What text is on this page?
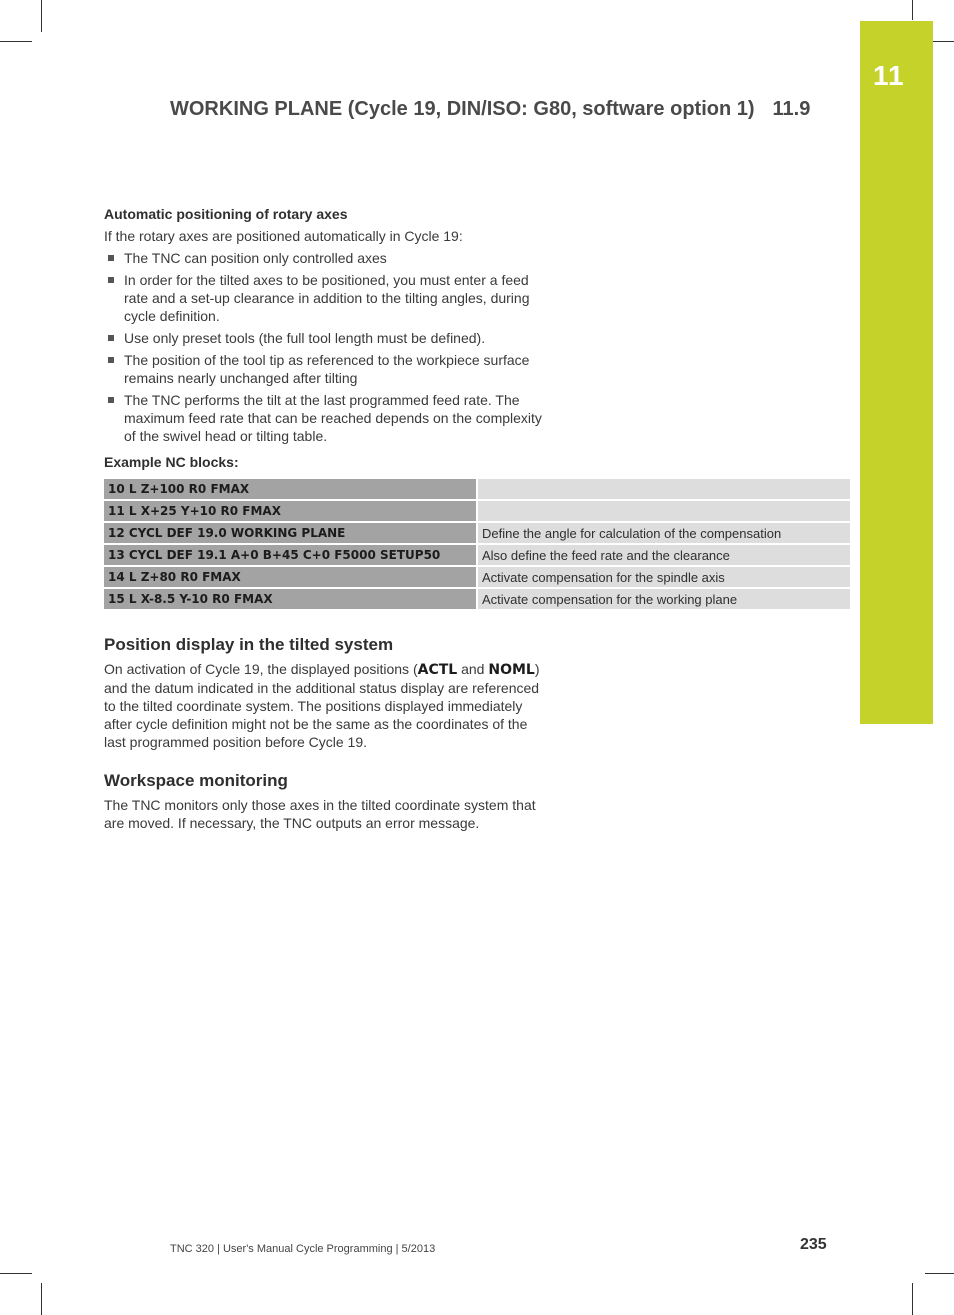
11
WORKING PLANE (Cycle 19, DIN/ISO: G80, software option 1) 11.9
Automatic positioning of rotary axes

If the rotary axes are positioned automatically in Cycle 19:

The TNC can position only controlled axes
In order for the tilted axes to be positioned, you must enter a feed rate and a set-up clearance in addition to the tilting angles, during cycle definition.
Use only preset tools (the full tool length must be defined).
The position of the tool tip as referenced to the workpiece surface remains nearly unchanged after tilting
The TNC performs the tilt at the last programmed feed rate. The maximum feed rate that can be reached depends on the complexity of the swivel head or tilting table.
Example NC blocks:
10 L Z+100 R0 FMAX	
11 L X+25 Y+10 R0 FMAX	
12 CYCL DEF 19.0 WORKING PLANE	Define the angle for calculation of the compensation
13 CYCL DEF 19.1 A+0 B+45 C+0 F5000 SETUP50	Also define the feed rate and the clearance
14 L Z+80 R0 FMAX	Activate compensation for the spindle axis
15 L X-8.5 Y-10 R0 FMAX	Activate compensation for the working plane
Position display in the tilted system

On activation of Cycle 19, the displayed positions (ACTL and NOML) and the datum indicated in the additional status display are referenced to the tilted coordinate system. The positions displayed immediately after cycle definition might not be the same as the coordinates of the last programmed position before Cycle 19.

Workspace monitoring

The TNC monitors only those axes in the tilted coordinate system that are moved. If necessary, the TNC outputs an error message.

TNC 320 | User's Manual Cycle Programming | 5/2013	235
